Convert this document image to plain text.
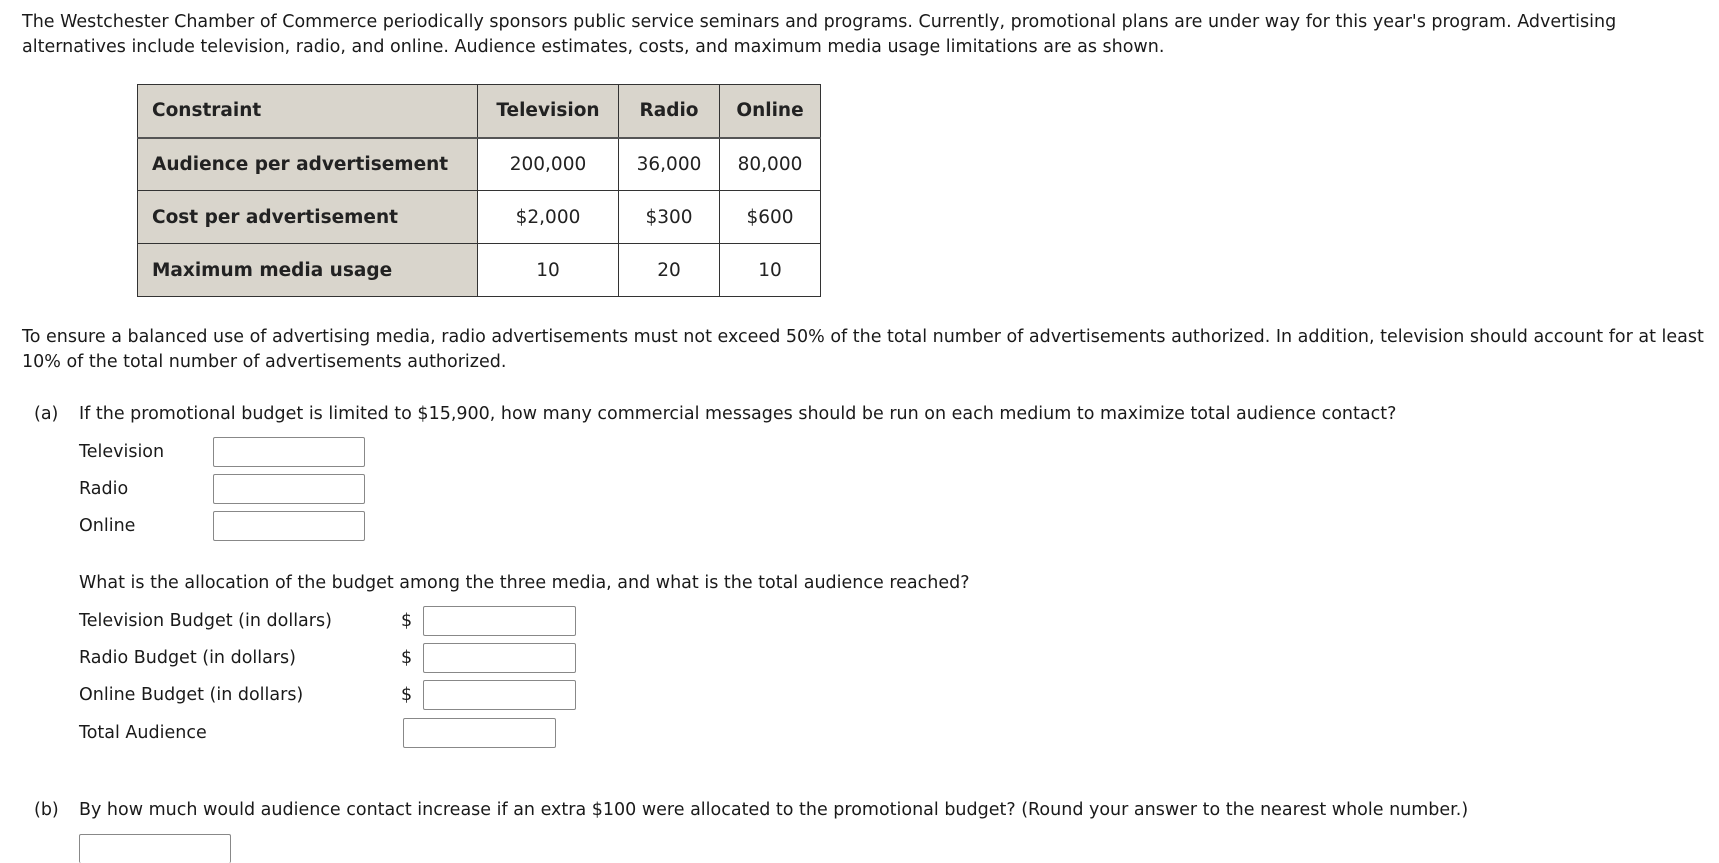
The Westchester Chamber of Commerce periodically sponsors public service seminars and programs. Currently, promotional plans are under way for this year's program. Advertising alternatives include television, radio, and online. Audience estimates, costs, and maximum media usage limitations are as shown.

Constraint	Television	Radio	Online
Audience per advertisement	200,000	36,000	80,000
Cost per advertisement	$2,000	$300	$600
Maximum media usage	10	20	10

To ensure a balanced use of advertising media, radio advertisements must not exceed 50% of the total number of advertisements authorized. In addition, television should account for at least 10% of the total number of advertisements authorized.

(a) If the promotional budget is limited to $15,900, how many commercial messages should be run on each medium to maximize total audience contact?
Television
Radio
Online
What is the allocation of the budget among the three media, and what is the total audience reached?
Television Budget (in dollars)	$
Radio Budget (in dollars)	$
Online Budget (in dollars)	$
Total Audience
(b) By how much would audience contact increase if an extra $100 were allocated to the promotional budget? (Round your answer to the nearest whole number.)
